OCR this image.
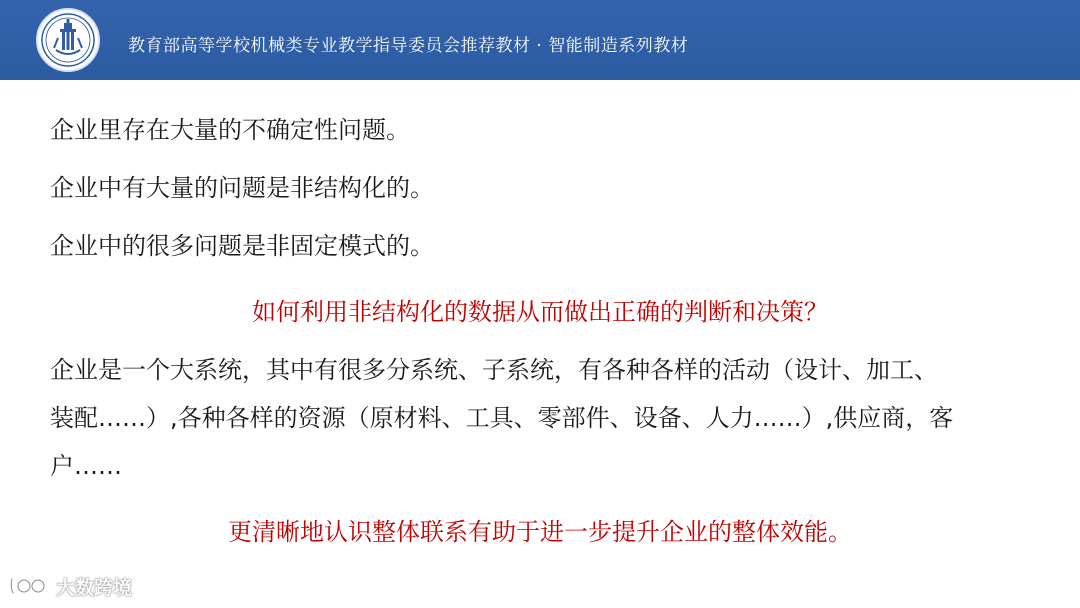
教育部高等学校机械类专业教学指导委员会推荐教材 · 智能制造系列教材
企业里存在大量的不确定性问题。
企业中有大量的问题是非结构化的。
企业中的很多问题是非固定模式的。
如何利用非结构化的数据从而做出正确的判断和决策？
企业是一个大系统，其中有很多分系统、子系统，有各种各样的活动（设计、加工、
装配……）,各种各样的资源（原材料、工具、零部件、设备、人力……）,供应商，客
户……
更清晰地认识整体联系有助于进一步提升企业的整体效能。
大数跨境
